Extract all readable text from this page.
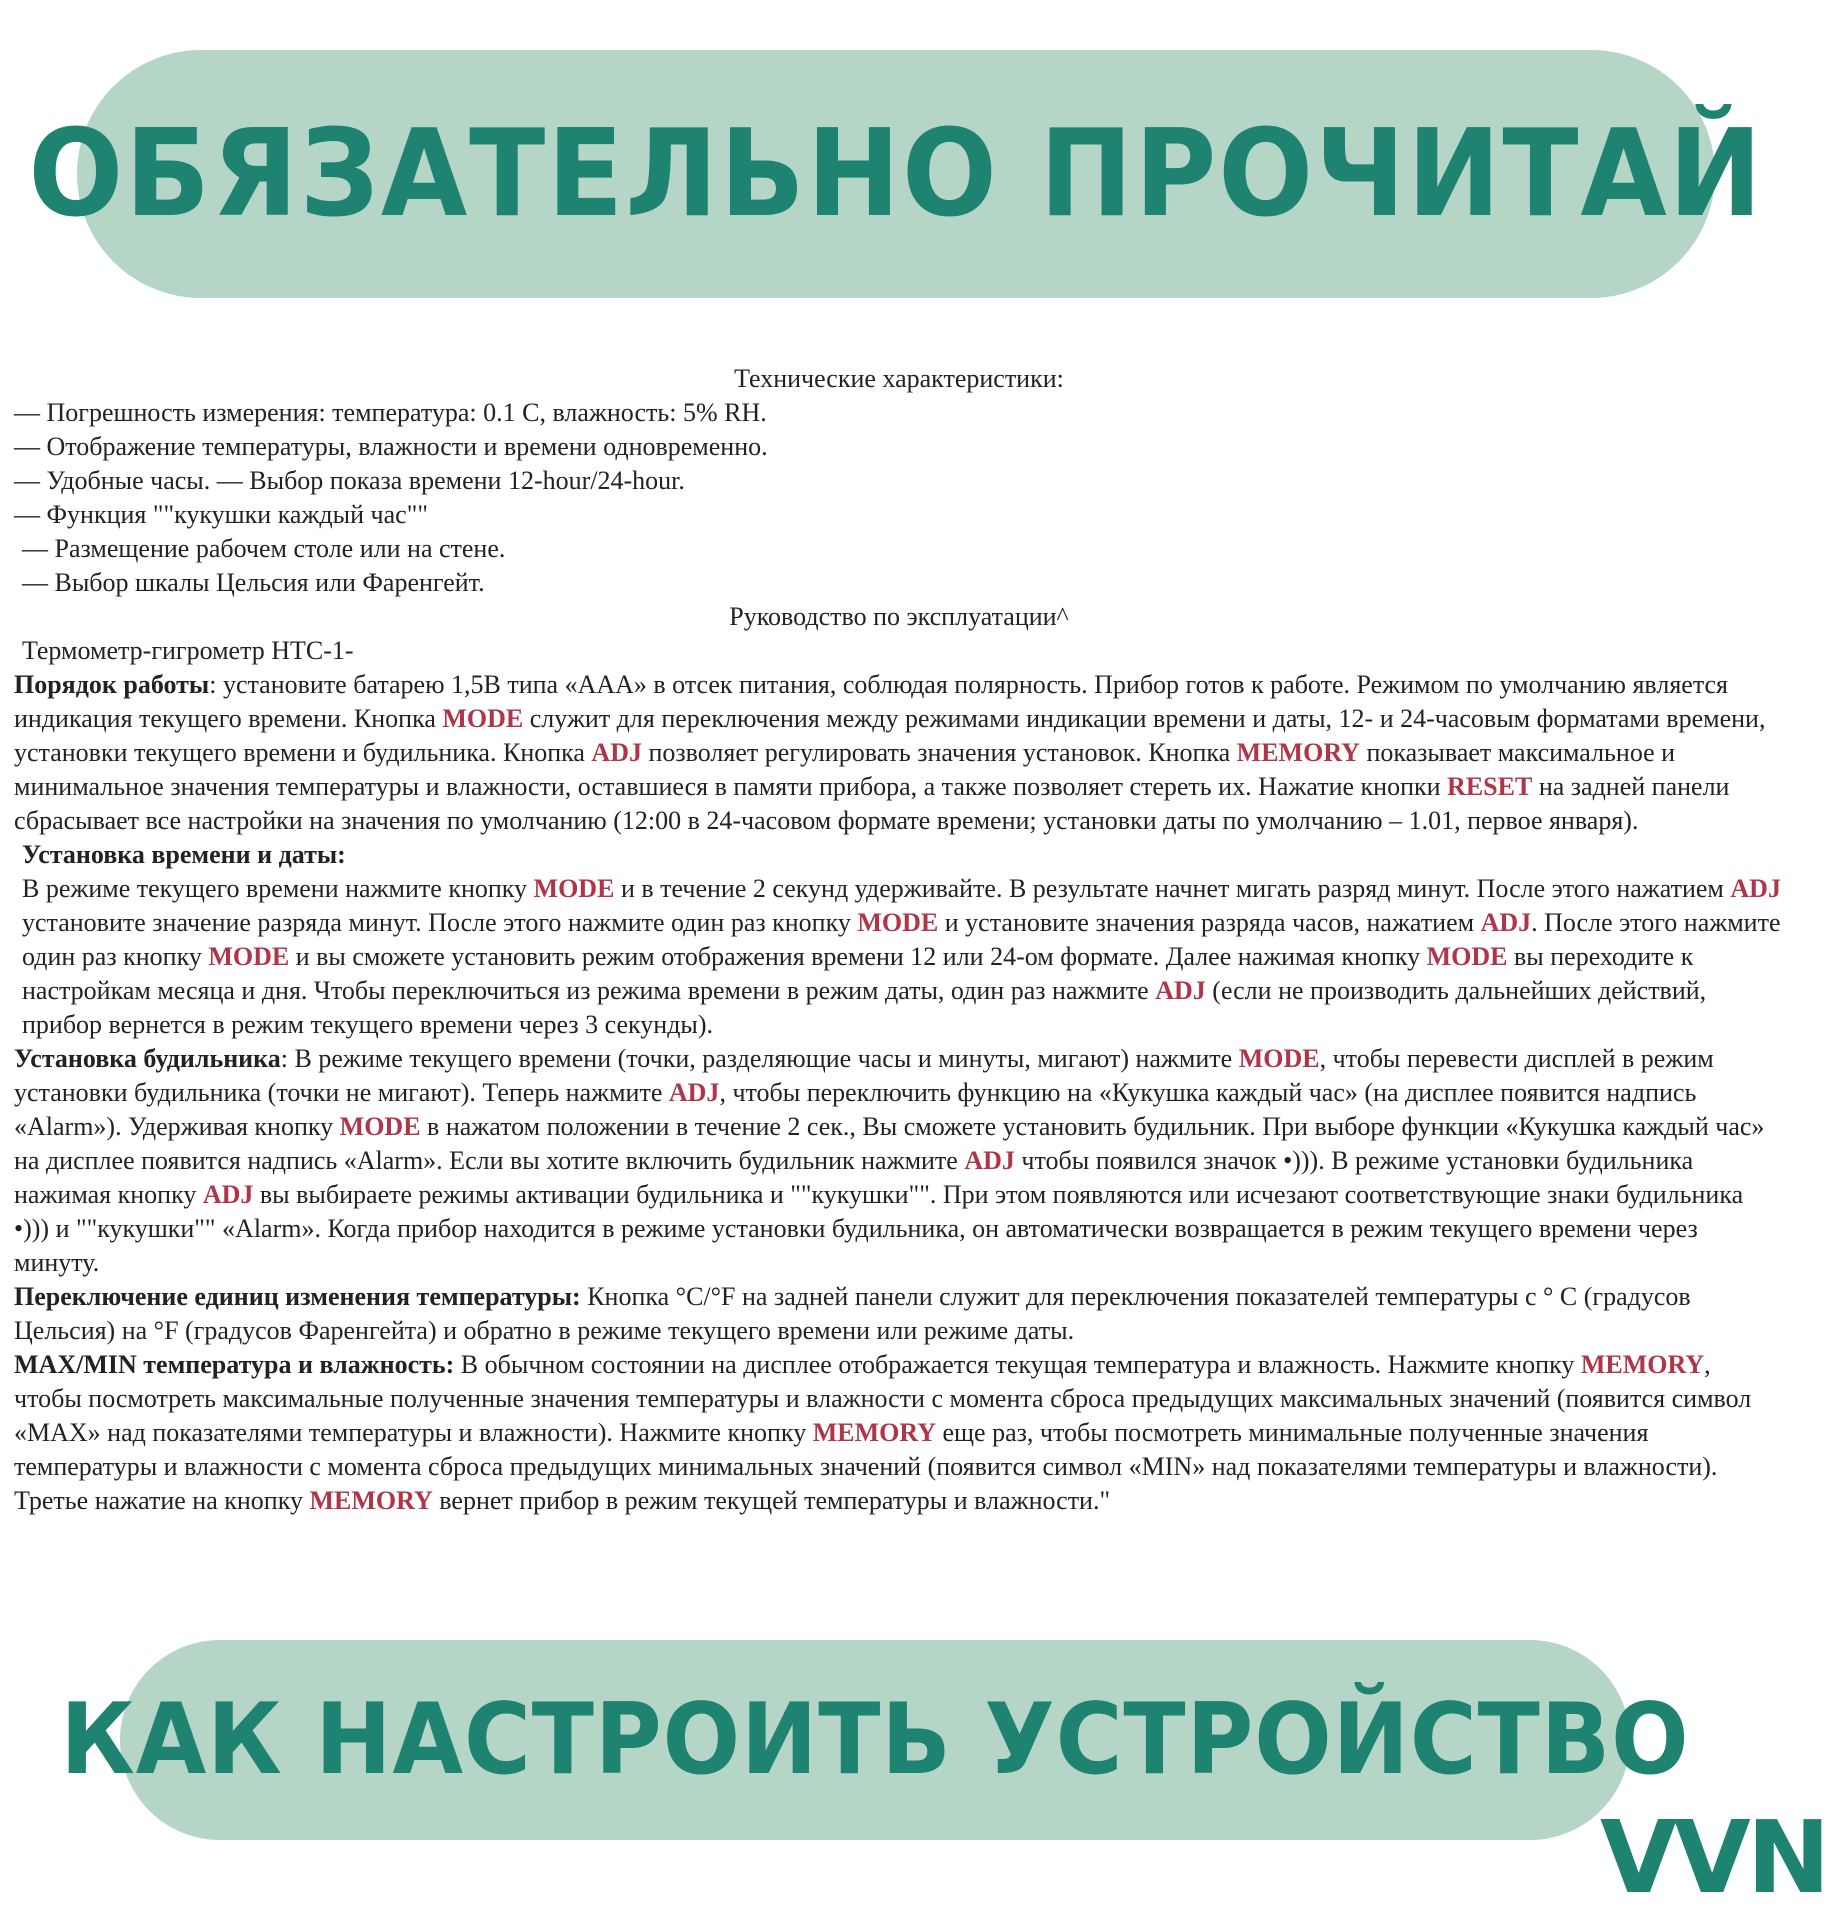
ОБЯЗАТЕЛЬНО ПРОЧИТАЙ
Технические характеристики:
— Погрешность измерения: температура: 0.1 С, влажность: 5% RH.
— Отображение температуры, влажности и времени одновременно.
— Удобные часы. — Выбор показа времени 12-hour/24-hour.
— Функция ""кукушки каждый час""
— Размещение рабочем столе или на стене.
— Выбор шкалы Цельсия или Фаренгейт.
Руководство по эксплуатации^
Термометр-гигрометр HTC-1-
Порядок работы: установите батарею 1,5В типа «ААА» в отсек питания, соблюдая полярность. Прибор готов к работе. Режимом по умолчанию является индикация текущего времени. Кнопка MODE служит для переключения между режимами индикации времени и даты, 12- и 24-часовым форматами времени, установки текущего времени и будильника. Кнопка ADJ позволяет регулировать значения установок. Кнопка MEMORY показывает максимальное и минимальное значения температуры и влажности, оставшиеся в памяти прибора, а также позволяет стереть их. Нажатие кнопки RESET на задней панели сбрасывает все настройки на значения по умолчанию (12:00 в 24-часовом формате времени; установки даты по умолчанию – 1.01, первое января).
Установка времени и даты:
В режиме текущего времени нажмите кнопку MODE и в течение 2 секунд удерживайте. В результате начнет мигать разряд минут. После этого нажатием ADJ установите значение разряда минут. После этого нажмите один раз кнопку MODE и установите значения разряда часов, нажатием ADJ. После этого нажмите один раз кнопку MODE и вы сможете установить режим отображения времени 12 или 24-ом формате. Далее нажимая кнопку MODE вы переходите к настройкам месяца и дня. Чтобы переключиться из режима времени в режим даты, один раз нажмите ADJ (если не производить дальнейших действий, прибор вернется в режим текущего времени через 3 секунды).
Установка будильника: В режиме текущего времени (точки, разделяющие часы и минуты, мигают) нажмите MODE, чтобы перевести дисплей в режим установки будильника (точки не мигают). Теперь нажмите ADJ, чтобы переключить функцию на «Кукушка каждый час» (на дисплее появится надпись «Alarm»). Удерживая кнопку MODE в нажатом положении в течение 2 сек., Вы сможете установить будильник. При выборе функции «Кукушка каждый час» на дисплее появится надпись «Alarm». Если вы хотите включить будильник нажмите ADJ чтобы появился значок •))). В режиме установки будильника нажимая кнопку ADJ вы выбираете режимы активации будильника и ""кукушки"". При этом появляются или исчезают соответствующие знаки будильника •))) и ""кукушки"" «Alarm». Когда прибор находится в режиме установки будильника, он автоматически возвращается в режим текущего времени через минуту.
Переключение единиц изменения температуры: Кнопка °C/°F на задней панели служит для переключения показателей температуры с ° С (градусов Цельсия) на °F (градусов Фаренгейта) и обратно в режиме текущего времени или режиме даты.
MAX/MIN температура и влажность: В обычном состоянии на дисплее отображается текущая температура и влажность. Нажмите кнопку MEMORY, чтобы посмотреть максимальные полученные значения температуры и влажности с момента сброса предыдущих максимальных значений (появится символ «MAX» над показателями температуры и влажности). Нажмите кнопку MEMORY еще раз, чтобы посмотреть минимальные полученные значения температуры и влажности с момента сброса предыдущих минимальных значений (появится символ «MIN» над показателями температуры и влажности). Третье нажатие на кнопку MEMORY вернет прибор в режим текущей температуры и влажности."
КАК НАСТРОИТЬ УСТРОЙСТВО
VVN
